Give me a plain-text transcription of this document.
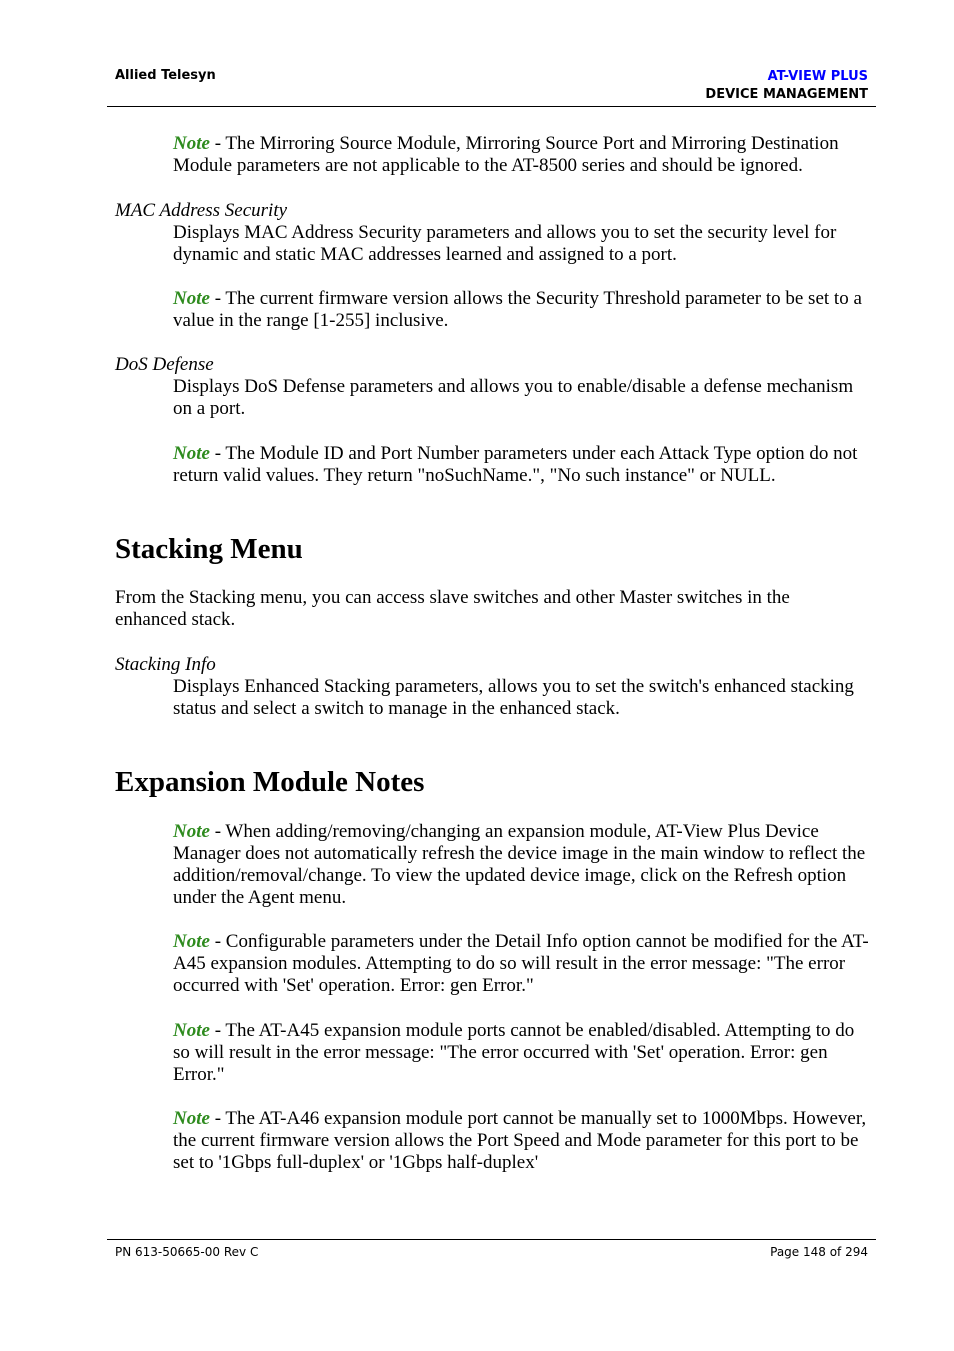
Allied Telesyn	AT-VIEW PLUS
DEVICE MANAGEMENT

Note - The Mirroring Source Module, Mirroring Source Port and Mirroring Destination Module parameters are not applicable to the AT-8500 series and should be ignored.

MAC Address Security

Displays MAC Address Security parameters and allows you to set the security level for dynamic and static MAC addresses learned and assigned to a port.

Note - The current firmware version allows the Security Threshold parameter to be set to a value in the range [1-255] inclusive.

DoS Defense

Displays DoS Defense parameters and allows you to enable/disable a defense mechanism on a port.

Note - The Module ID and Port Number parameters under each Attack Type option do not return valid values. They return "noSuchName.", "No such instance" or NULL.

Stacking Menu

From the Stacking menu, you can access slave switches and other Master switches in the enhanced stack.

Stacking Info

Displays Enhanced Stacking parameters, allows you to set the switch's enhanced stacking status and select a switch to manage in the enhanced stack.

Expansion Module Notes

Note - When adding/removing/changing an expansion module, AT-View Plus Device Manager does not automatically refresh the device image in the main window to reflect the addition/removal/change. To view the updated device image, click on the Refresh option under the Agent menu.

Note - Configurable parameters under the Detail Info option cannot be modified for the AT-A45 expansion modules. Attempting to do so will result in the error message: "The error occurred with 'Set' operation. Error: gen Error."

Note - The AT-A45 expansion module ports cannot be enabled/disabled. Attempting to do so will result in the error message: "The error occurred with 'Set' operation. Error: gen Error."

Note - The AT-A46 expansion module port cannot be manually set to 1000Mbps. However, the current firmware version allows the Port Speed and Mode parameter for this port to be set to '1Gbps full-duplex' or '1Gbps half-duplex'

PN 613-50665-00 Rev C	Page 148 of 294
